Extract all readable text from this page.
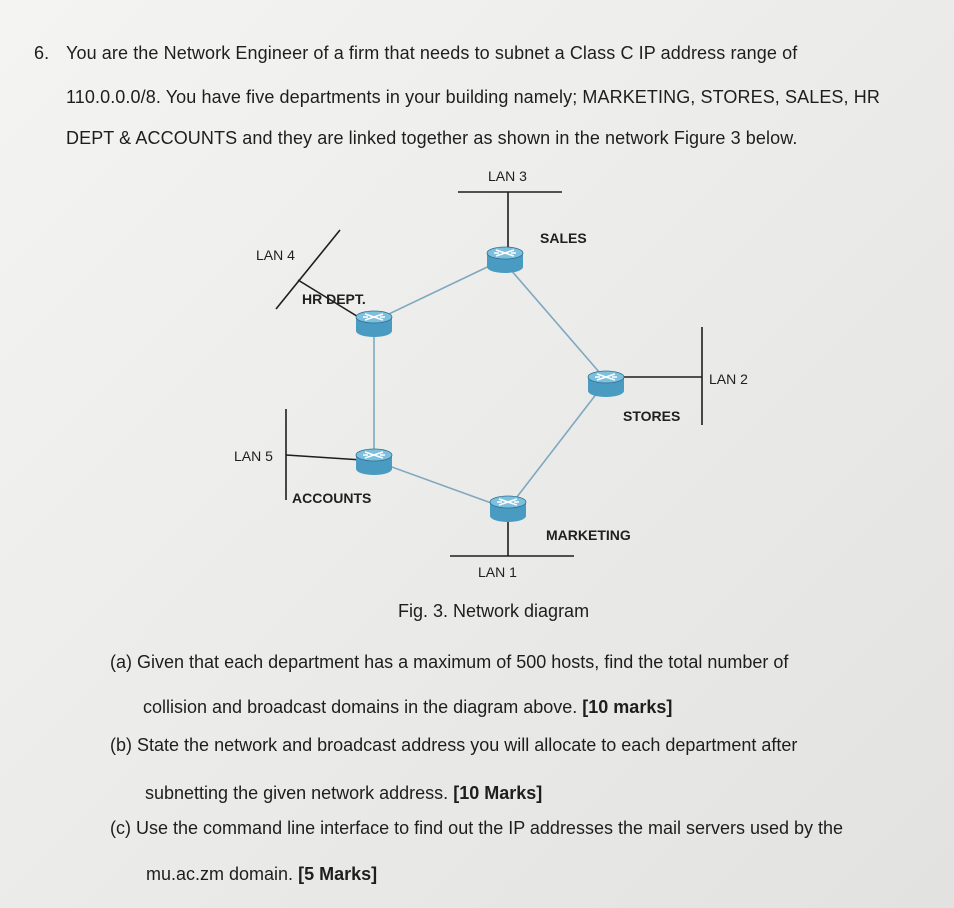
6. You are the Network Engineer of a firm that needs to subnet a Class C IP address range of
110.0.0.0/8. You have five departments in your building namely; MARKETING, STORES, SALES, HR
DEPT & ACCOUNTS and they are linked together as shown in the network Figure 3 below.
LAN 3
SALES
LAN 4
HR DEPT.
LAN 2
STORES
LAN 5
ACCOUNTS
MARKETING
LAN 1
Fig. 3. Network diagram
(a) Given that each department has a maximum of 500 hosts, find the total number of
collision and broadcast domains in the diagram above. [10 marks]
(b) State the network and broadcast address you will allocate to each department after
subnetting the given network address. [10 Marks]
(c) Use the command line interface to find out the IP addresses the mail servers used by the
mu.ac.zm domain. [5 Marks]
